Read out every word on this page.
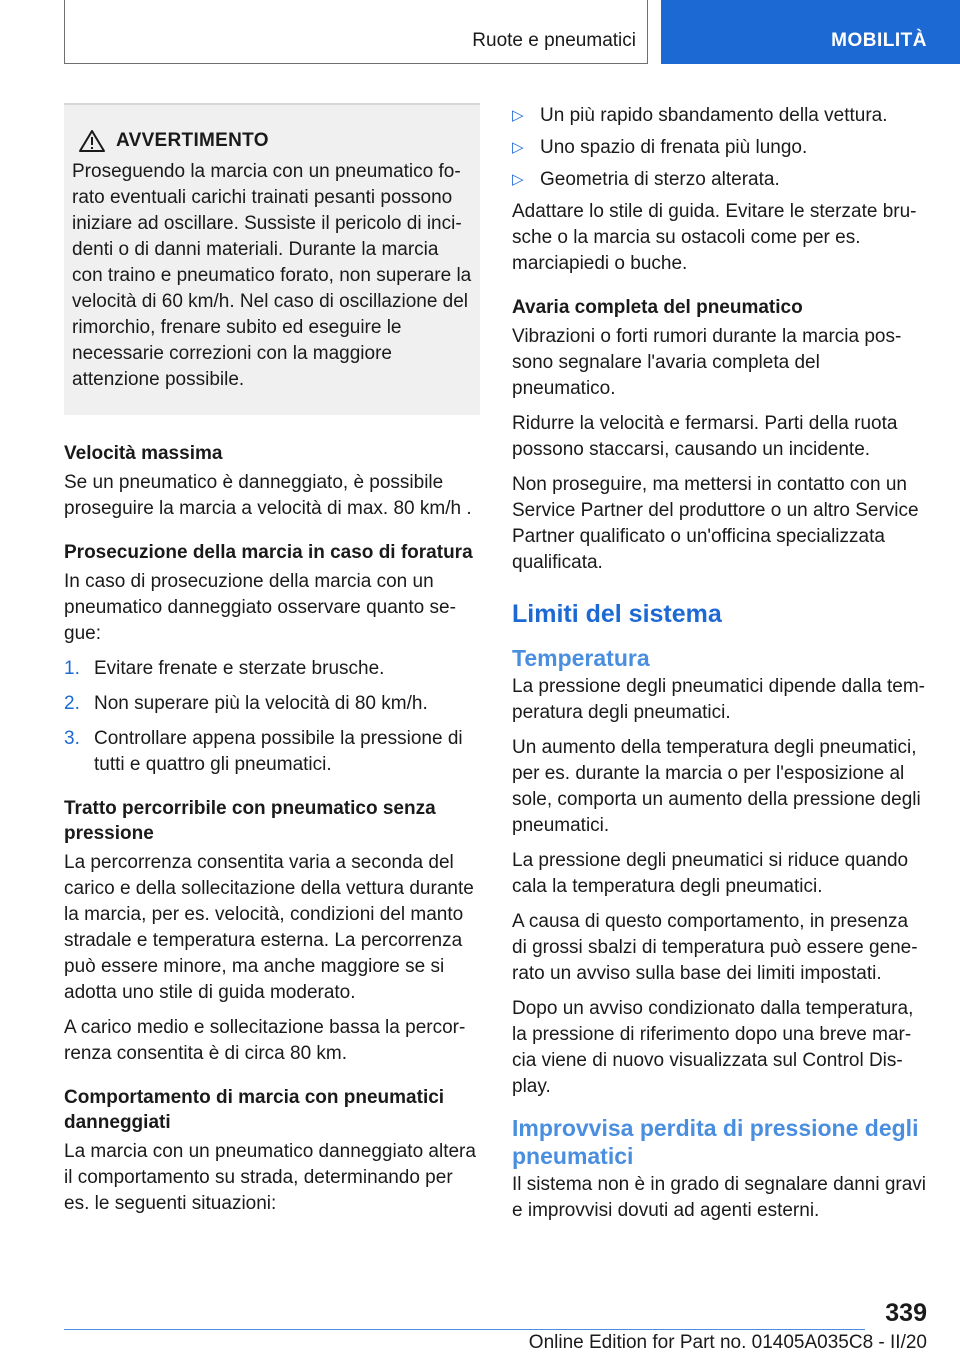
Ruote e pneumatici	MOBILITÀ
AVVERTIMENTO

Proseguendo la marcia con un pneumatico forato eventuali carichi trainati pesanti possono iniziare ad oscillare. Sussiste il pericolo di incidenti o di danni materiali. Durante la marcia con traino e pneumatico forato, non superare la velocità di 60 km/h. Nel caso di oscillazione del rimorchio, frenare subito ed eseguire le necessarie correzioni con la maggiore attenzione possibile.

Velocità massima

Se un pneumatico è danneggiato, è possibile proseguire la marcia a velocità di max. 80 km/h .

Prosecuzione della marcia in caso di foratura

In caso di prosecuzione della marcia con un pneumatico danneggiato osservare quanto segue:

1. Evitare frenate e sterzate brusche.
2. Non superare più la velocità di 80 km/h.
3. Controllare appena possibile la pressione di tutti e quattro gli pneumatici.
Tratto percorribile con pneumatico senza pressione

La percorrenza consentita varia a seconda del carico e della sollecitazione della vettura durante la marcia, per es. velocità, condizioni del manto stradale e temperatura esterna. La percorrenza può essere minore, ma anche maggiore se si adotta uno stile di guida moderato.

A carico medio e sollecitazione bassa la percorrenza consentita è di circa 80 km.

Comportamento di marcia con pneumatici danneggiati

La marcia con un pneumatico danneggiato altera il comportamento su strada, determinando per es. le seguenti situazioni:

▷ Un più rapido sbandamento della vettura.
▷ Uno spazio di frenata più lungo.
▷ Geometria di sterzo alterata.

Adattare lo stile di guida. Evitare le sterzate brusche o la marcia su ostacoli come per es. marciapiedi o buche.

Avaria completa del pneumatico

Vibrazioni o forti rumori durante la marcia possono segnalare l'avaria completa del pneumatico.

Ridurre la velocità e fermarsi. Parti della ruota possono staccarsi, causando un incidente.

Non proseguire, ma mettersi in contatto con un Service Partner del produttore o un altro Service Partner qualificato o un'officina specializzata qualificata.

Limiti del sistema
Temperatura

La pressione degli pneumatici dipende dalla temperatura degli pneumatici.

Un aumento della temperatura degli pneumatici, per es. durante la marcia o per l'esposizione al sole, comporta un aumento della pressione degli pneumatici.

La pressione degli pneumatici si riduce quando cala la temperatura degli pneumatici.

A causa di questo comportamento, in presenza di grossi sbalzi di temperatura può essere generato un avviso sulla base dei limiti impostati.

Dopo un avviso condizionato dalla temperatura, la pressione di riferimento dopo una breve marcia viene di nuovo visualizzata sul Control Display.

Improvvisa perdita di pressione degli pneumatici

Il sistema non è in grado di segnalare danni gravi e improvvisi dovuti ad agenti esterni.

339
Online Edition for Part no. 01405A035C8 - II/20
